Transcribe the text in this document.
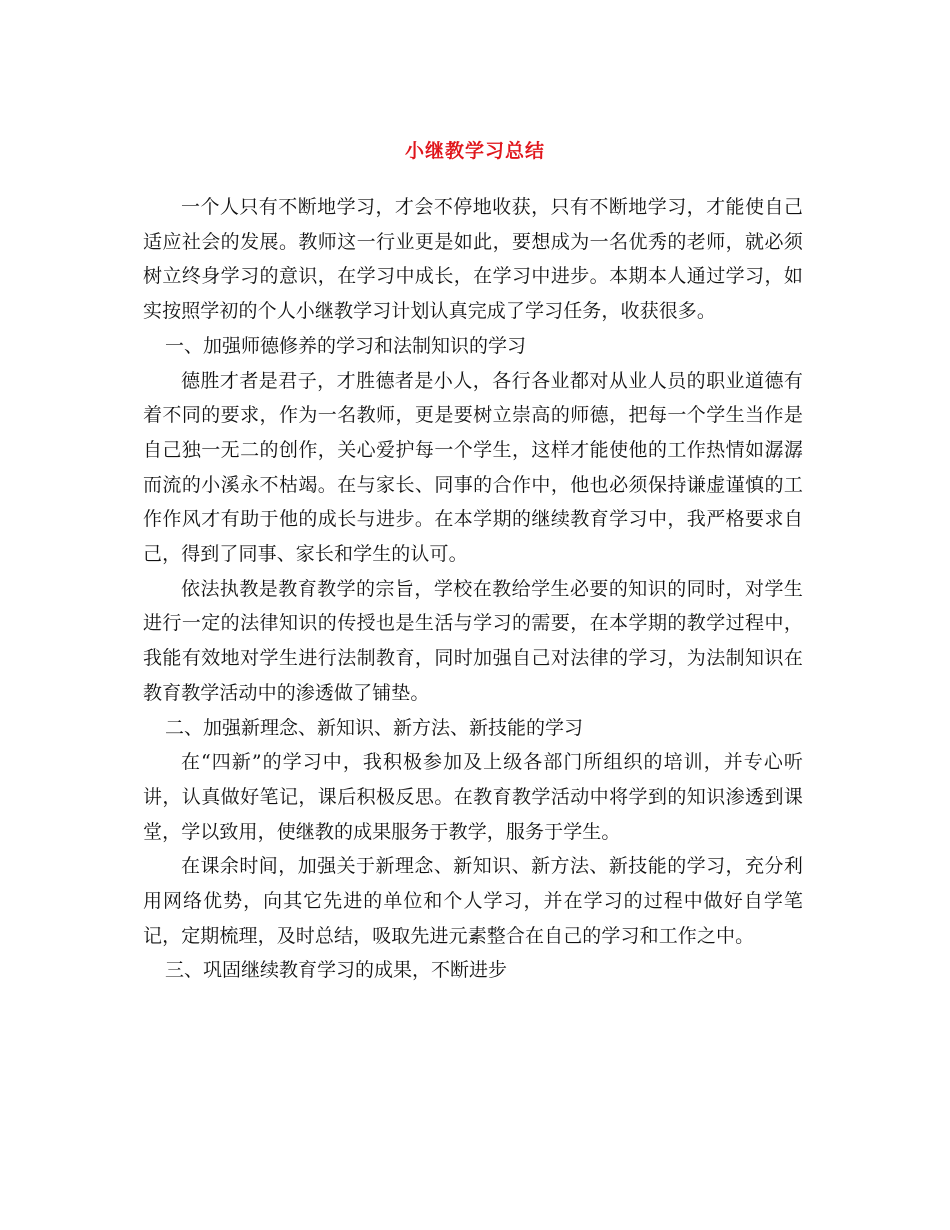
小继教学习总结

一个人只有不断地学习，才会不停地收获，只有不断地学习，才能使自己适应社会的发展。教师这一行业更是如此，要想成为一名优秀的老师，就必须树立终身学习的意识，在学习中成长，在学习中进步。本期本人通过学习，如实按照学初的个人小继教学习计划认真完成了学习任务，收获很多。

一、加强师德修养的学习和法制知识的学习

德胜才者是君子，才胜德者是小人，各行各业都对从业人员的职业道德有着不同的要求，作为一名教师，更是要树立崇高的师德，把每一个学生当作是自己独一无二的创作，关心爱护每一个学生，这样才能使他的工作热情如潺潺而流的小溪永不枯竭。在与家长、同事的合作中，他也必须保持谦虚谨慎的工作作风才有助于他的成长与进步。在本学期的继续教育学习中，我严格要求自己，得到了同事、家长和学生的认可。

依法执教是教育教学的宗旨，学校在教给学生必要的知识的同时，对学生进行一定的法律知识的传授也是生活与学习的需要，在本学期的教学过程中，我能有效地对学生进行法制教育，同时加强自己对法律的学习，为法制知识在教育教学活动中的渗透做了铺垫。

二、加强新理念、新知识、新方法、新技能的学习

在“四新”的学习中，我积极参加及上级各部门所组织的培训，并专心听讲，认真做好笔记，课后积极反思。在教育教学活动中将学到的知识渗透到课堂，学以致用，使继教的成果服务于教学，服务于学生。

在课余时间，加强关于新理念、新知识、新方法、新技能的学习，充分利用网络优势，向其它先进的单位和个人学习，并在学习的过程中做好自学笔记，定期梳理，及时总结，吸取先进元素整合在自己的学习和工作之中。

三、巩固继续教育学习的成果，不断进步
